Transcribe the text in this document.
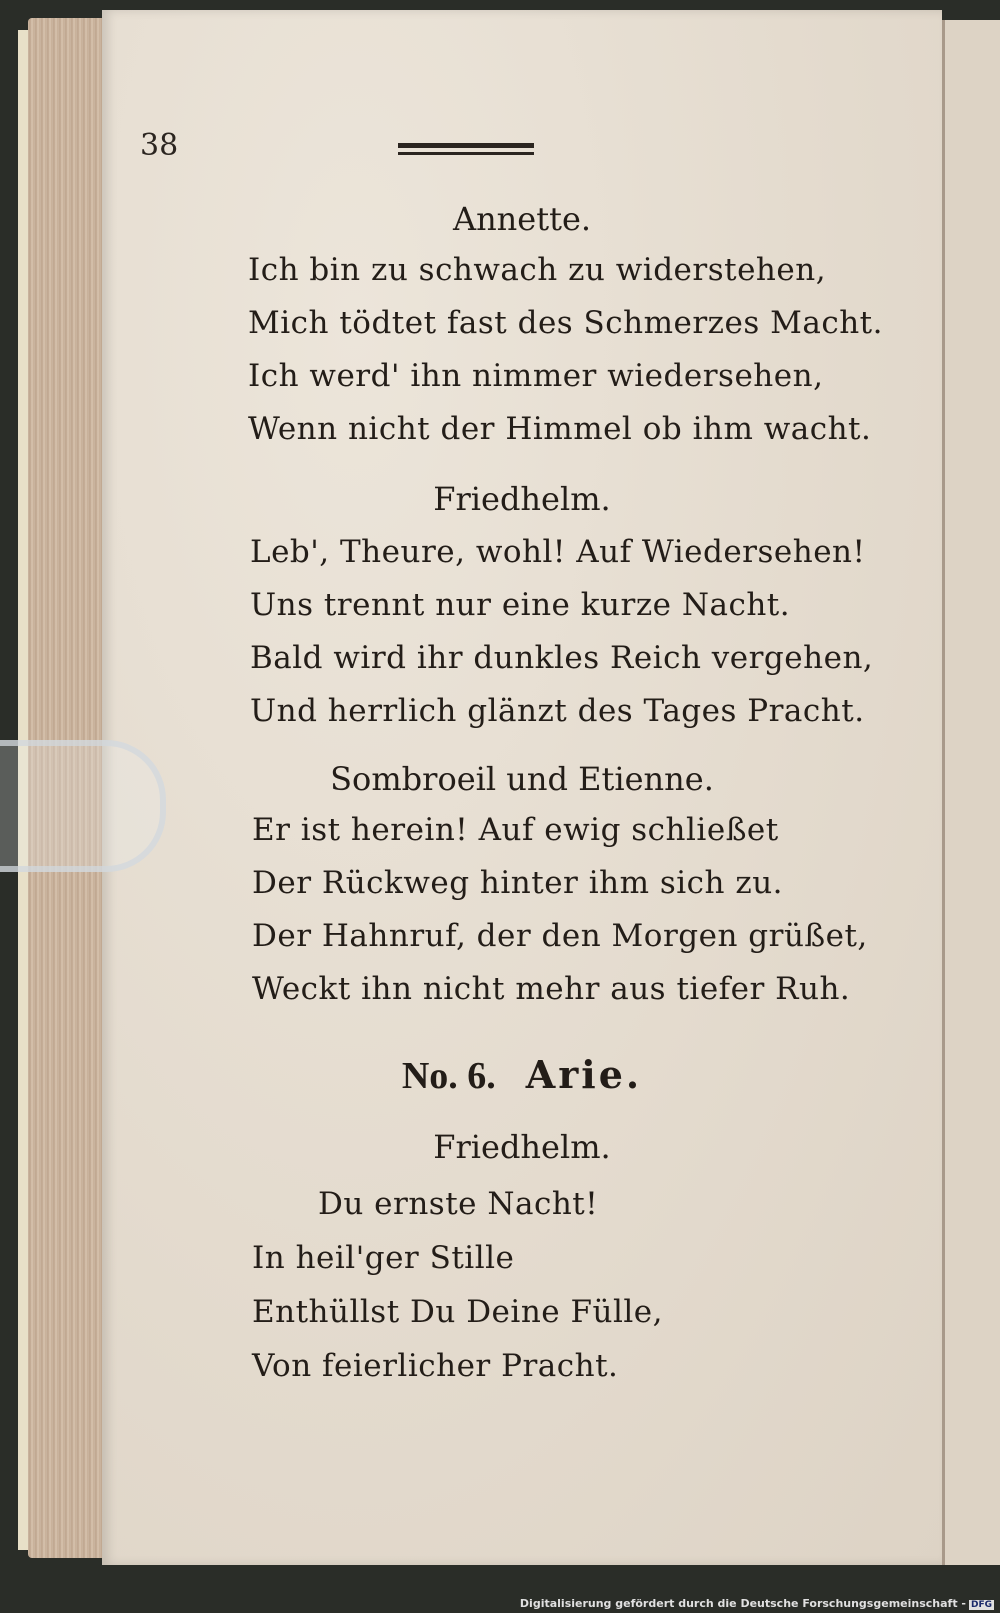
38
Annette.
Ich bin zu schwach zu widerstehen,
Mich tödtet fast des Schmerzes Macht.
Ich werd' ihn nimmer wiedersehen,
Wenn nicht der Himmel ob ihm wacht.
Friedhelm.
Leb', Theure, wohl! Auf Wiedersehen!
Uns trennt nur eine kurze Nacht.
Bald wird ihr dunkles Reich vergehen,
Und herrlich glänzt des Tages Pracht.
Sombroeil und Etienne.
Er ist herein! Auf ewig schließet
Der Rückweg hinter ihm sich zu.
Der Hahnruf, der den Morgen grüßet,
Weckt ihn nicht mehr aus tiefer Ruh.
No. 6. Arie.
Friedhelm.
Du ernste Nacht!
In heil'ger Stille
Enthüllst Du Deine Fülle,
Von feierlicher Pracht.
Digitalisierung gefördert durch die Deutsche Forschungsgemeinschaft - DFG
